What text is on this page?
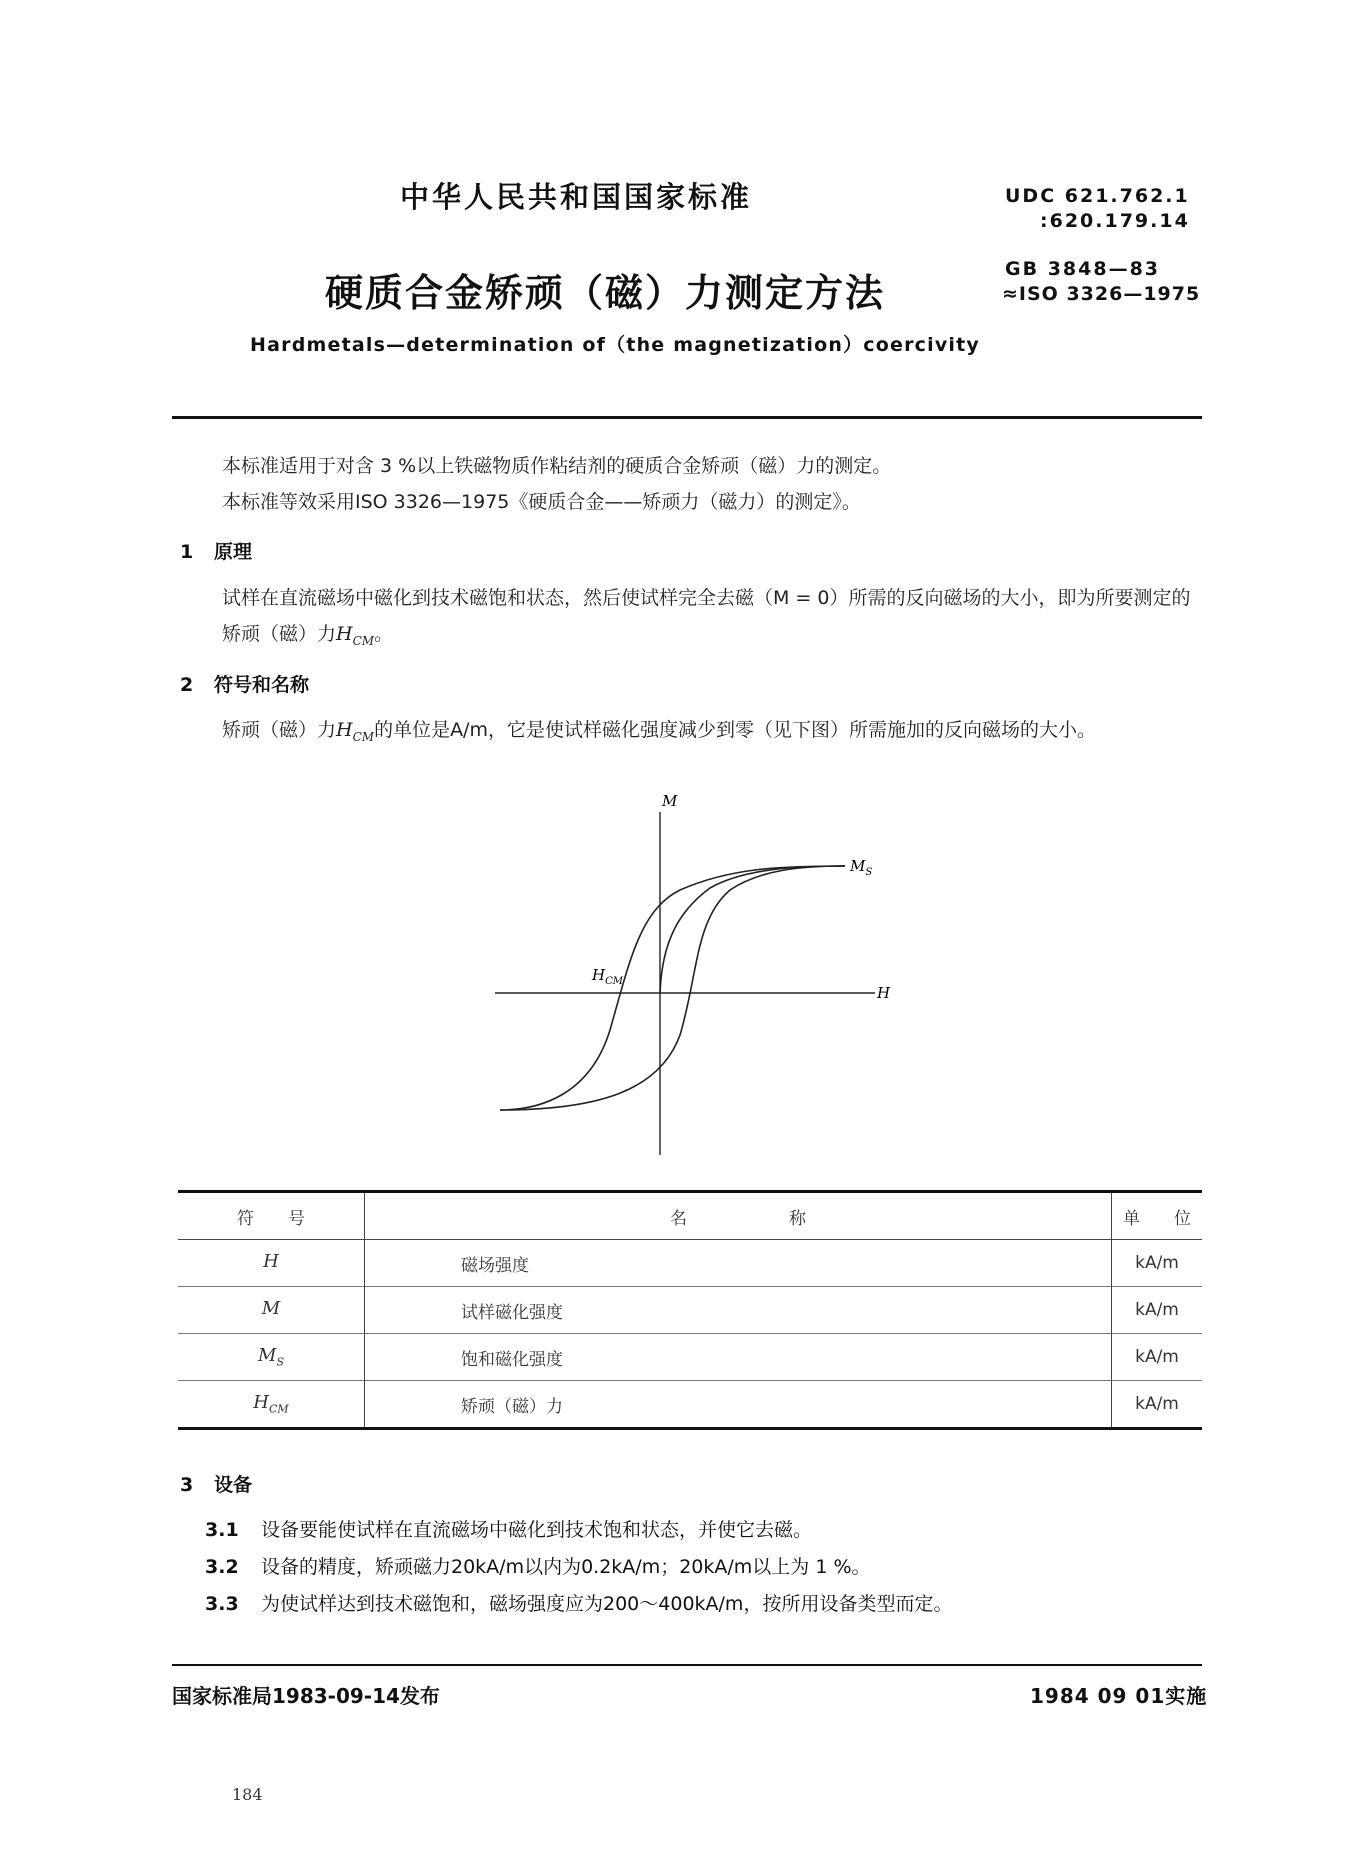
中华人民共和国国家标准	UDC 621.762.1
:620.179.14
硬质合金矫顽（磁）力测定方法
GB 3848—83
≈ISO 3326—1975
Hardmetals—determination of（the magnetization）coercivity
本标准适用于对含 3 %以上铁磁物质作粘结剂的硬质合金矫顽（磁）力的测定。
本标准等效采用ISO 3326—1975《硬质合金——矫顽力（磁力）的测定》。
1 原理
试样在直流磁场中磁化到技术磁饱和状态，然后使试样完全去磁（M = 0）所需的反向磁场的大小，即为所要测定的矫顽（磁）力$H_{CM}$。
2 符号和名称
矫顽（磁）力$H_{CM}$的单位是A/m，它是使试样磁化强度减少到零（见下图）所需施加的反向磁场的大小。
M
H
$M_S$
$H_{CM}$
符　　号	名　　　　　　称	单　　位
H	磁场强度	kA/m
M	试样磁化强度	kA/m
$M_S$	饱和磁化强度	kA/m
$H_{CM}$	矫顽（磁）力	kA/m
3 设备
3.1 设备要能使试样在直流磁场中磁化到技术饱和状态，并使它去磁。
3.2 设备的精度，矫顽磁力20kA/m以内为0.2kA/m；20kA/m以上为 1 %。
3.3 为使试样达到技术磁饱和，磁场强度应为200～400kA/m，按所用设备类型而定。
国家标准局1983-09-14发布	1984 09 01实施
184
